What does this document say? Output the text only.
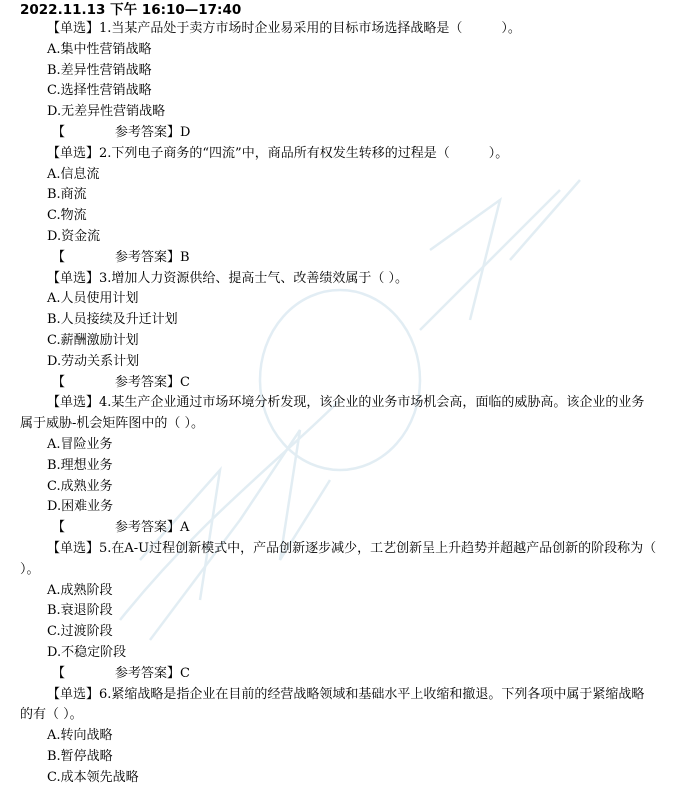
2022.11.13 下午 16:10—17:40
【单选】1.当某产品处于卖方市场时企业易采用的目标市场选择战略是（　　　）。
A.集中性营销战略
B.差异性营销战略
C.选择性营销战略
D.无差异性营销战略
【	参考答案】D
【单选】2.下列电子商务的“四流”中，商品所有权发生转移的过程是（　　　）。
A.信息流
B.商流
C.物流
D.资金流
【	参考答案】B
【单选】3.增加人力资源供给、提高士气、改善绩效属于（ ）。
A.人员使用计划
B.人员接续及升迁计划
C.薪酬激励计划
D.劳动关系计划
【	参考答案】C
【单选】4.某生产企业通过市场环境分析发现，该企业的业务市场机会高，面临的威胁高。该企业的业务属于威胁-机会矩阵图中的（ ）。
A.冒险业务
B.理想业务
C.成熟业务
D.困难业务
【	参考答案】A
【单选】5.在A-U过程创新模式中，产品创新逐步减少，工艺创新呈上升趋势并超越产品创新的阶段称为（ ）。
A.成熟阶段
B.衰退阶段
C.过渡阶段
D.不稳定阶段
【	参考答案】C
【单选】6.紧缩战略是指企业在目前的经营战略领域和基础水平上收缩和撤退。下列各项中属于紧缩战略的有（ ）。
A.转向战略
B.暂停战略
C.成本领先战略
